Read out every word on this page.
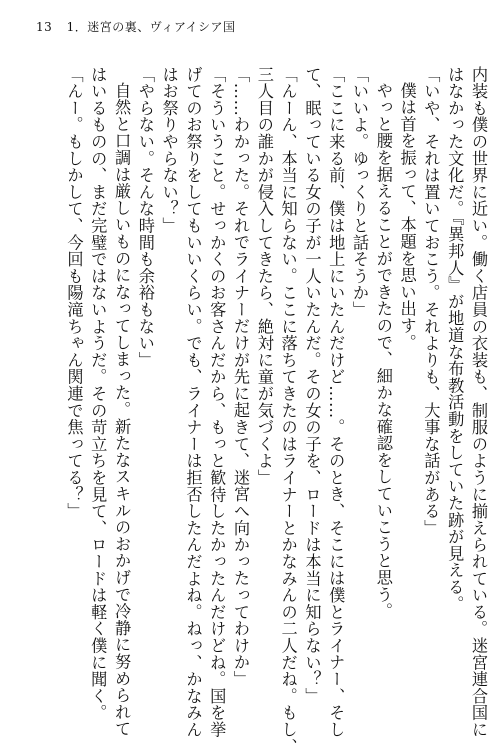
13 1．迷宮の裏、ヴィアイシア国
内装も僕の世界に近い。働く店員の衣装も、制服のように揃えられている。迷宮連合国に
はなかった文化だ。『異邦人』が地道な布教活動をしていた跡が見える。
「いや、それは置いておこう。それよりも、大事な話がある」
僕は首を振って、本題を思い出す。
やっと腰を据えることができたので、細かな確認をしていこうと思う。
「いいよ。ゆっくりと話そうか」
「ここに来る前、僕は地上にいたんだけど……。そのとき、そこには僕とライナー、そし
て、眠っている女の子が一人いたんだ。その女の子を、ロードは本当に知らない？」
「んーん、本当に知らない。ここに落ちてきたのはライナーとかなみんの二人だね。もし、
三人目の誰かが侵入してきたら、絶対に童が気づくよ」
「……わかった。それでライナーだけが先に起きて、迷宮へ向かったってわけか」
「そういうこと。せっかくのお客さんだから、もっと歓待したかったんだけどね。国を挙
げてのお祭りをしてもいいくらい。でも、ライナーは拒否したんだよね。ねっ、かなみん
はお祭りやらない？」
「やらない。そんな時間も余裕もない」
自然と口調は厳しいものになってしまった。新たなスキルのおかげで冷静に努められて
はいるものの、まだ完璧ではないようだ。その苛立ちを見て、ロードは軽く僕に聞く。
「んー。もしかして、今回も陽滝ちゃん関連で焦ってる？」
